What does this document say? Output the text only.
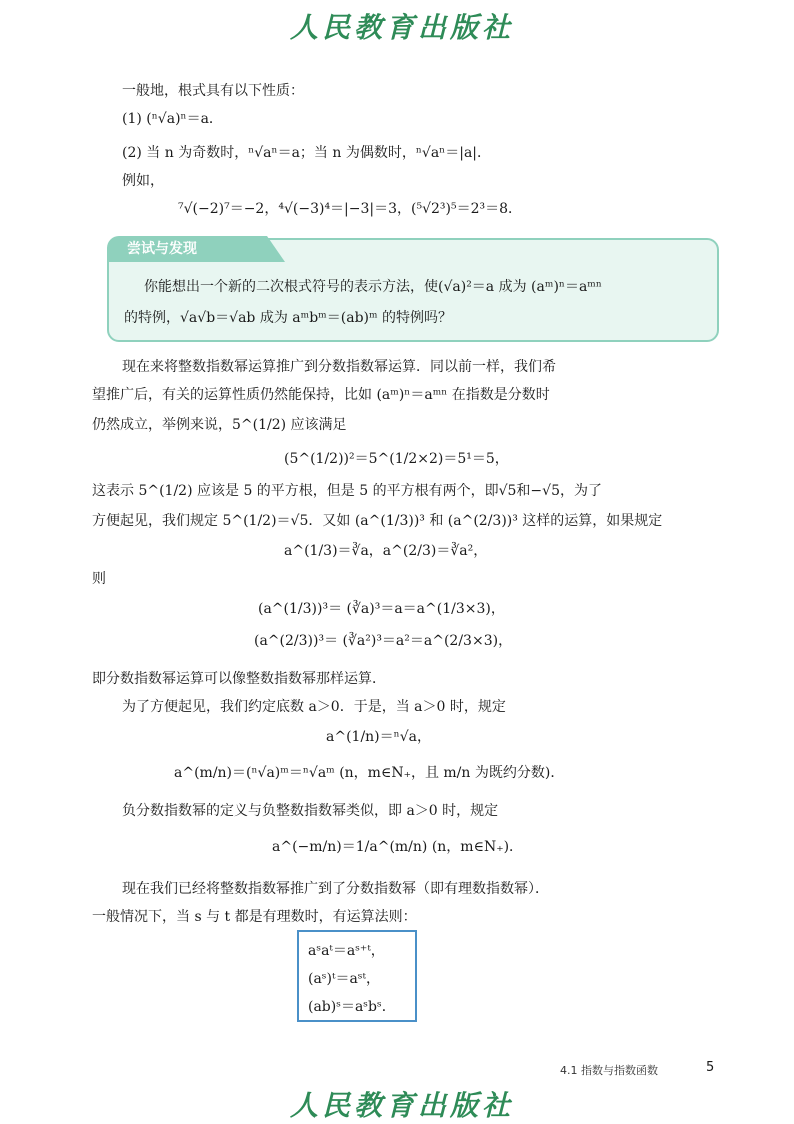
人民教育出版社
一般地，根式具有以下性质：
(1) (ⁿ√a)ⁿ＝a．
(2) 当 n 为奇数时，ⁿ√aⁿ＝a；当 n 为偶数时，ⁿ√aⁿ＝|a|．
例如，
⁷√(−2)⁷＝−2，⁴√(−3)⁴＝|−3|＝3，(⁵√2³)⁵＝2³＝8．
尝试与发现
你能想出一个新的二次根式符号的表示方法，使(√a)²＝a 成为 (aᵐ)ⁿ＝aᵐⁿ
的特例，√a√b＝√ab 成为 aᵐbᵐ＝(ab)ᵐ 的特例吗？
现在来将整数指数幂运算推广到分数指数幂运算．同以前一样，我们希
望推广后，有关的运算性质仍然能保持，比如 (aᵐ)ⁿ＝aᵐⁿ 在指数是分数时
仍然成立，举例来说，5^(1/2) 应该满足
(5^(1/2))²＝5^(1/2×2)＝5¹＝5，
这表示 5^(1/2) 应该是 5 的平方根，但是 5 的平方根有两个，即√5和−√5，为了
方便起见，我们规定 5^(1/2)＝√5．又如 (a^(1/3))³ 和 (a^(2/3))³ 这样的运算，如果规定
a^(1/3)＝∛a，a^(2/3)＝∛a²，
则
(a^(1/3))³＝ (∛a)³＝a＝a^(1/3×3)，
(a^(2/3))³＝ (∛a²)³＝a²＝a^(2/3×3)，
即分数指数幂运算可以像整数指数幂那样运算．
为了方便起见，我们约定底数 a＞0．于是，当 a＞0 时，规定
a^(1/n)＝ⁿ√a，
a^(m/n)＝(ⁿ√a)ᵐ＝ⁿ√aᵐ (n，m∈N₊，且 m/n 为既约分数)．
负分数指数幂的定义与负整数指数幂类似，即 a＞0 时，规定
a^(−m/n)＝1/a^(m/n) (n，m∈N₊)．
现在我们已经将整数指数幂推广到了分数指数幂（即有理数指数幂）．
一般情况下，当 s 与 t 都是有理数时，有运算法则：
aˢaᵗ＝aˢ⁺ᵗ，
(aˢ)ᵗ＝aˢᵗ，
(ab)ˢ＝aˢbˢ．
4.1 指数与指数函数	5
人民教育出版社
